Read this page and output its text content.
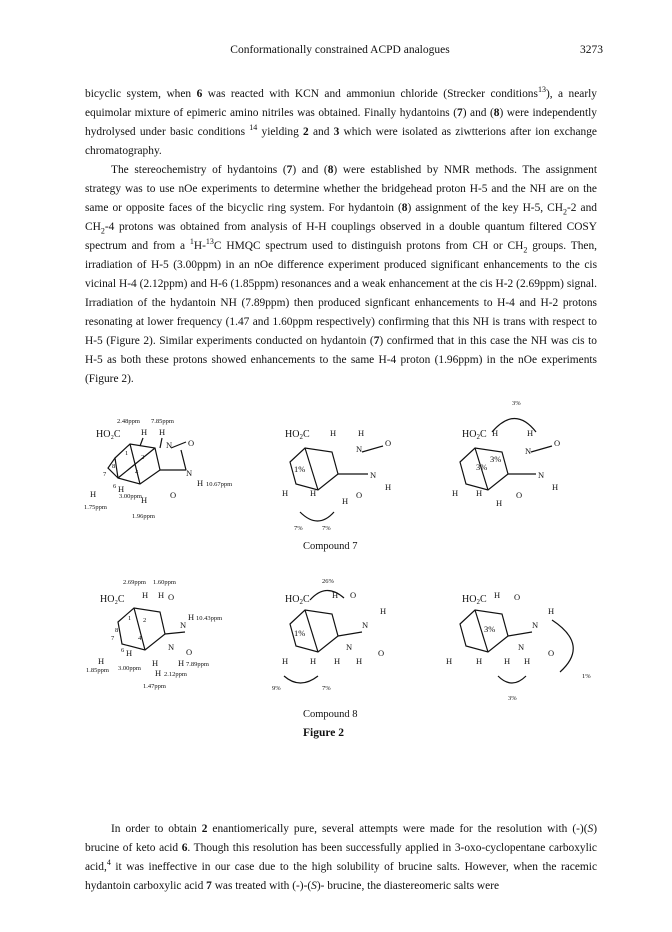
Conformationally constrained ACPD analogues	3273

bicyclic system, when 6 was reacted with KCN and ammoniun chloride (Strecker conditions$^{13}$), a nearly equimolar mixture of epimeric amino nitriles was obtained. Finally hydantoins (7) and (8) were independently hydrolysed under basic conditions $^{14}$ yielding 2 and 3 which were isolated as ziwtterions after ion exchange chromatography.

The stereochemistry of hydantoins (7) and (8) were established by NMR methods. The assignment strategy was to use nOe experiments to determine whether the bridgehead proton H-5 and the NH are on the same or opposite faces of the bicyclic ring system. For hydantoin (8) assignment of the key H-5, $CH_2-2$ and $CH_2-4$ protons was obtained from analysis of H-H couplings observed in a double quantum filtered COSY spectrum and from a $^1$H-$^{13}$C HMQC spectrum used to distinguish protons from CH or $CH_2$ groups. Then, irradiation of H-5 (3.00ppm) in an nOe difference experiment produced significant enhancements to the cis vicinal H-4 (2.12ppm) and H-6 (1.85ppm) resonances and a weak enhancement at the cis H-2 (2.69ppm) signal. Irradiation of the hydantoin NH (7.89ppm) then produced signficant enhancements to H-4 and H-2 protons resonating at lower frequency (1.47 and 1.60ppm respectively) confirming that this NH is trans with respect to H-5 (Figure 2). Similar experiments conducted on hydantoin (7) confirmed that in this case the NH was cis to H-5 as both these protons showed enhancements to the same H-4 proton (1.96ppm) in the nOe experiments (Figure 2).

HO₂C
2.48ppm 7.85ppm
H H
N O
N
H 10.67ppm
1
2
8
7
6
4
H	H
3.00ppm
1.75ppm
H	O
1.96ppm
$HO_2C$ H	H
1%
N
O
N
H
H	H
H
O
7%	7%
3%
$HO_2C$ H	H
3%
3%
N
O
N
H
H H
H
O
Compound 7
2.69ppm 1.60ppm
HO₂C H H O
H 10.43ppm
N
O
N
1 2
8
7
6
4
H
H
H H
1.85ppm 3.00ppm
7.89ppm
H 2.12ppm
1.47ppm
26%
$HO_2C$	H O
1%
N
H
N
O
H	H H H
9%	7%
$HO_2C$ H O
3%	N
H
N
O
H	H	H H
1%
3%
Compound 8
Figure 2

In order to obtain 2 enantiomerically pure, several attempts were made for the resolution with (-)(S) brucine of keto acid 6. Though this resolution has been successfully applied in 3-oxo-cyclopentane carboxylic acid,$^4$ it was ineffective in our case due to the high solubility of brucine salts. However, when the racemic hydantoin carboxylic acid 7 was treated with (-)-(S)- brucine, the diastereomeric salts were
